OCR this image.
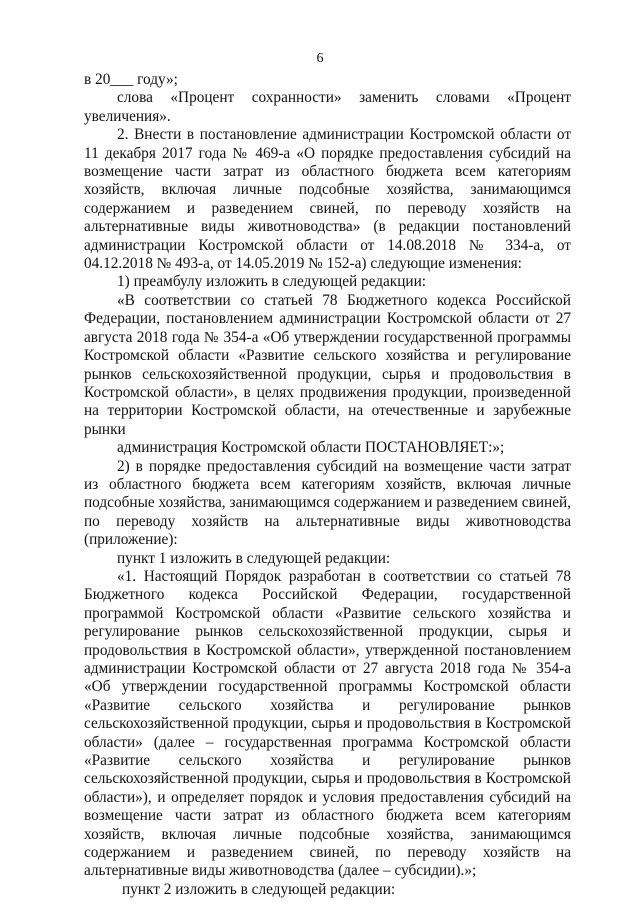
6

в 20___ году»;

слова «Процент сохранности» заменить словами «Процент увеличения».

2. Внести в постановление администрации Костромской области от 11 декабря 2017 года № 469-а «О порядке предоставления субсидий на возмещение части затрат из областного бюджета всем категориям хозяйств, включая личные подсобные хозяйства, занимающимся содержанием и разведением свиней, по переводу хозяйств на альтернативные виды животноводства» (в редакции постановлений администрации Костромской области от 14.08.2018 № 334-а, от 04.12.2018 № 493-а, от 14.05.2019 № 152-а) следующие изменения:

1) преамбулу изложить в следующей редакции:

«В соответствии со статьей 78 Бюджетного кодекса Российской Федерации, постановлением администрации Костромской области от 27 августа 2018 года № 354-а «Об утверждении государственной программы Костромской области «Развитие сельского хозяйства и регулирование рынков сельскохозяйственной продукции, сырья и продовольствия в Костромской области», в целях продвижения продукции, произведенной на территории Костромской области, на отечественные и зарубежные рынки

администрация Костромской области ПОСТАНОВЛЯЕТ:»;

2) в порядке предоставления субсидий на возмещение части затрат из областного бюджета всем категориям хозяйств, включая личные подсобные хозяйства, занимающимся содержанием и разведением свиней, по переводу хозяйств на альтернативные виды животноводства (приложение):

пункт 1 изложить в следующей редакции:

«1. Настоящий Порядок разработан в соответствии со статьей 78 Бюджетного кодекса Российской Федерации, государственной программой Костромской области «Развитие сельского хозяйства и регулирование рынков сельскохозяйственной продукции, сырья и продовольствия в Костромской области», утвержденной постановлением администрации Костромской области от 27 августа 2018 года № 354-а «Об утверждении государственной программы Костромской области «Развитие сельского хозяйства и регулирование рынков сельскохозяйственной продукции, сырья и продовольствия в Костромской области» (далее – государственная программа Костромской области «Развитие сельского хозяйства и регулирование рынков сельскохозяйственной продукции, сырья и продовольствия в Костромской области»), и определяет порядок и условия предоставления субсидий на возмещение части затрат из областного бюджета всем категориям хозяйств, включая личные подсобные хозяйства, занимающимся содержанием и разведением свиней, по переводу хозяйств на альтернативные виды животноводства (далее – субсидии).»;

пункт 2 изложить в следующей редакции:
